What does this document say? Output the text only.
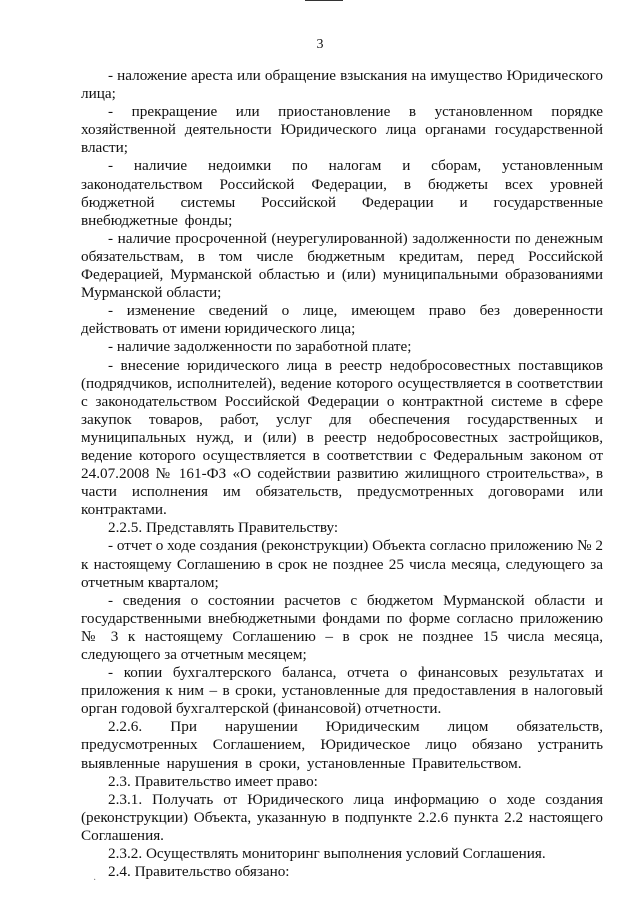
3

- наложение ареста или обращение взыскания на имущество Юридического лица;

- прекращение или приостановление в установленном порядке хозяйственной деятельности Юридического лица органами государственной власти;

- наличие недоимки по налогам и сборам, установленным законодательством Российской Федерации, в бюджеты всех уровней бюджетной системы Российской Федерации и государственные внебюджетные фонды;

- наличие просроченной (неурегулированной) задолженности по денежным обязательствам, в том числе бюджетным кредитам, перед Российской Федерацией, Мурманской областью и (или) муниципальными образованиями Мурманской области;

- изменение сведений о лице, имеющем право без доверенности действовать от имени юридического лица;

- наличие задолженности по заработной плате;

- внесение юридического лица в реестр недобросовестных поставщиков (подрядчиков, исполнителей), ведение которого осуществляется в соответствии с законодательством Российской Федерации о контрактной системе в сфере закупок товаров, работ, услуг для обеспечения государственных и муниципальных нужд, и (или) в реестр недобросовестных застройщиков, ведение которого осуществляется в соответствии с Федеральным законом от 24.07.2008 № 161-ФЗ «О содействии развитию жилищного строительства», в части исполнения им обязательств, предусмотренных договорами или контрактами.

2.2.5. Представлять Правительству:

- отчет о ходе создания (реконструкции) Объекта согласно приложению № 2 к настоящему Соглашению в срок не позднее 25 числа месяца, следующего за отчетным кварталом;

- сведения о состоянии расчетов с бюджетом Мурманской области и государственными внебюджетными фондами по форме согласно приложению № 3 к настоящему Соглашению – в срок не позднее 15 числа месяца, следующего за отчетным месяцем;

- копии бухгалтерского баланса, отчета о финансовых результатах и приложения к ним – в сроки, установленные для предоставления в налоговый орган годовой бухгалтерской (финансовой) отчетности.

2.2.6. При нарушении Юридическим лицом обязательств, предусмотренных Соглашением, Юридическое лицо обязано устранить выявленные нарушения в сроки, установленные Правительством.

2.3. Правительство имеет право:

2.3.1. Получать от Юридического лица информацию о ходе создания (реконструкции) Объекта, указанную в подпункте 2.2.6 пункта 2.2 настоящего Соглашения.

2.3.2. Осуществлять мониторинг выполнения условий Соглашения.

2.4. Правительство обязано:

·
